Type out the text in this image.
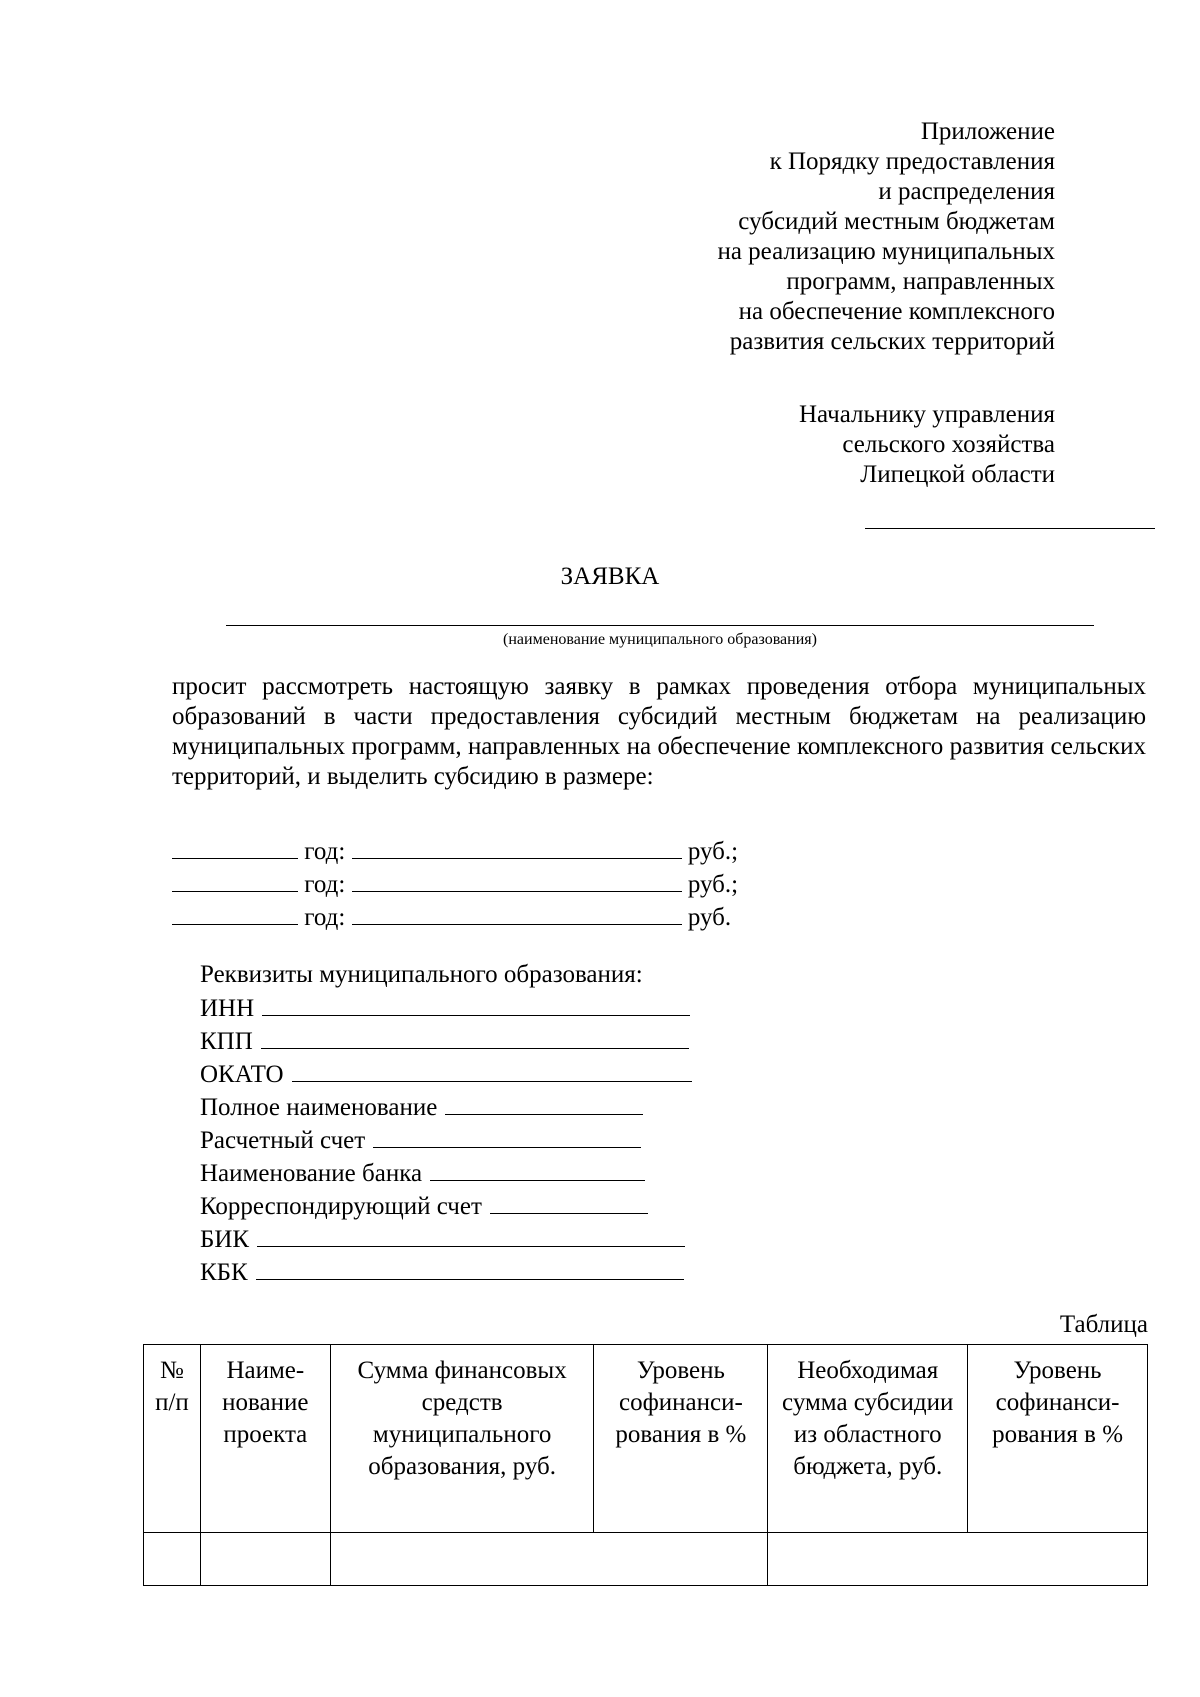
Приложение
к Порядку предоставления
и распределения
субсидий местным бюджетам
на реализацию муниципальных
программ, направленных
на обеспечение комплексного
развития сельских территорий
Начальнику управления
сельского хозяйства
Липецкой области
ЗАЯВКА
(наименование муниципального образования)

просит рассмотреть настоящую заявку в рамках проведения отбора муниципальных образований в части предоставления субсидий местным бюджетам на реализацию муниципальных программ, направленных на обеспечение комплексного развития сельских территорий, и выделить субсидию в размере:

год:	руб.;
год:	руб.;
год:	руб.
Реквизиты муниципального образования:
ИНН
КПП
ОКАТО
Полное наименование
Расчетный счет
Наименование банка
Корреспондирующий счет
БИК
КБК
Таблица
№ п/п	Наиме-нование проекта	Сумма финансовых средств муниципального образования, руб.	Уровень софинанси-рования в %	Необходимая сумма субсидии из областного бюджета, руб.	Уровень софинанси-рования в %
